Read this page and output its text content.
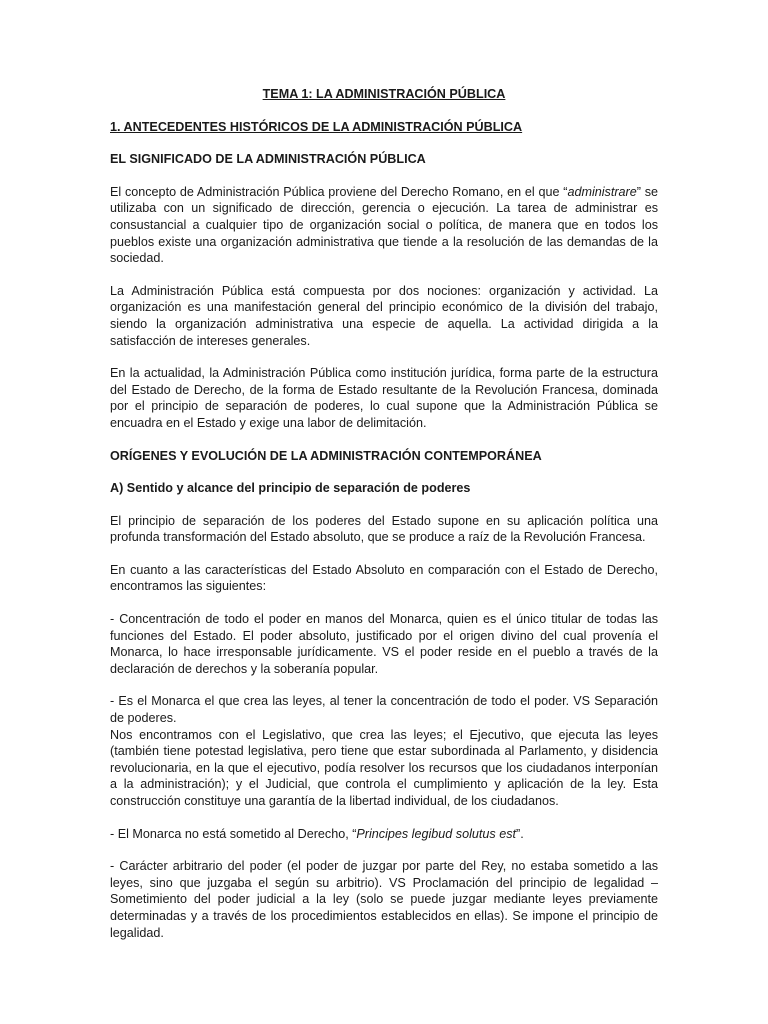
TEMA 1: LA ADMINISTRACIÓN PÚBLICA
1. ANTECEDENTES HISTÓRICOS DE LA ADMINISTRACIÓN PÚBLICA
EL SIGNIFICADO DE LA ADMINISTRACIÓN PÚBLICA

El concepto de Administración Pública proviene del Derecho Romano, en el que “administrare” se utilizaba con un significado de dirección, gerencia o ejecución. La tarea de administrar es consustancial a cualquier tipo de organización social o política, de manera que en todos los pueblos existe una organización administrativa que tiende a la resolución de las demandas de la sociedad.

La Administración Pública está compuesta por dos nociones: organización y actividad. La organización es una manifestación general del principio económico de la división del trabajo, siendo la organización administrativa una especie de aquella. La actividad dirigida a la satisfacción de intereses generales.

En la actualidad, la Administración Pública como institución jurídica, forma parte de la estructura del Estado de Derecho, de la forma de Estado resultante de la Revolución Francesa, dominada por el principio de separación de poderes, lo cual supone que la Administración Pública se encuadra en el Estado y exige una labor de delimitación.

ORÍGENES Y EVOLUCIÓN DE LA ADMINISTRACIÓN CONTEMPORÁNEA
A) Sentido y alcance del principio de separación de poderes

El principio de separación de los poderes del Estado supone en su aplicación política una profunda transformación del Estado absoluto, que se produce a raíz de la Revolución Francesa.

En cuanto a las características del Estado Absoluto en comparación con el Estado de Derecho, encontramos las siguientes:

- Concentración de todo el poder en manos del Monarca, quien es el único titular de todas las funciones del Estado. El poder absoluto, justificado por el origen divino del cual provenía el Monarca, lo hace irresponsable jurídicamente. VS el poder reside en el pueblo a través de la declaración de derechos y la soberanía popular.

- Es el Monarca el que crea las leyes, al tener la concentración de todo el poder. VS Separación de poderes.

Nos encontramos con el Legislativo, que crea las leyes; el Ejecutivo, que ejecuta las leyes (también tiene potestad legislativa, pero tiene que estar subordinada al Parlamento, y disidencia revolucionaria, en la que el ejecutivo, podía resolver los recursos que los ciudadanos interponían a la administración); y el Judicial, que controla el cumplimiento y aplicación de la ley. Esta construcción constituye una garantía de la libertad individual, de los ciudadanos.

- El Monarca no está sometido al Derecho, “Principes legibud solutus est”.

- Carácter arbitrario del poder (el poder de juzgar por parte del Rey, no estaba sometido a las leyes, sino que juzgaba el según su arbitrio). VS Proclamación del principio de legalidad – Sometimiento del poder judicial a la ley (solo se puede juzgar mediante leyes previamente determinadas y a través de los procedimientos establecidos en ellas). Se impone el principio de legalidad.
